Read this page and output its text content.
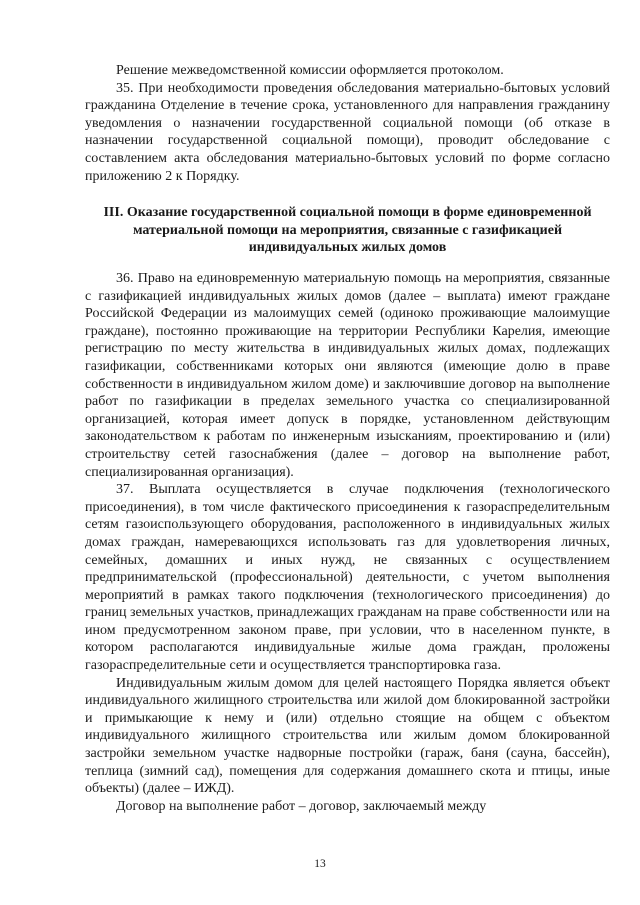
Решение межведомственной комиссии оформляется протоколом.

35. При необходимости проведения обследования материально-бытовых условий гражданина Отделение в течение срока, установленного для направления гражданину уведомления о назначении государственной социальной помощи (об отказе в назначении государственной социальной помощи), проводит обследование с составлением акта обследования материально-бытовых условий по форме согласно приложению 2 к Порядку.

III. Оказание государственной социальной помощи в форме единовременной материальной помощи на мероприятия, связанные с газификацией индивидуальных жилых домов

36. Право на единовременную материальную помощь на мероприятия, связанные с газификацией индивидуальных жилых домов (далее – выплата) имеют граждане Российской Федерации из малоимущих семей (одиноко проживающие малоимущие граждане), постоянно проживающие на территории Республики Карелия, имеющие регистрацию по месту жительства в индивидуальных жилых домах, подлежащих газификации, собственниками которых они являются (имеющие долю в праве собственности в индивидуальном жилом доме) и заключившие договор на выполнение работ по газификации в пределах земельного участка со специализированной организацией, которая имеет допуск в порядке, установленном действующим законодательством к работам по инженерным изысканиям, проектированию и (или) строительству сетей газоснабжения (далее – договор на выполнение работ, специализированная организация).

37. Выплата осуществляется в случае подключения (технологического присоединения), в том числе фактического присоединения к газораспределительным сетям газоиспользующего оборудования, расположенного в индивидуальных жилых домах граждан, намеревающихся использовать газ для удовлетворения личных, семейных, домашних и иных нужд, не связанных с осуществлением предпринимательской (профессиональной) деятельности, с учетом выполнения мероприятий в рамках такого подключения (технологического присоединения) до границ земельных участков, принадлежащих гражданам на праве собственности или на ином предусмотренном законом праве, при условии, что в населенном пункте, в котором располагаются индивидуальные жилые дома граждан, проложены газораспределительные сети и осуществляется транспортировка газа.

Индивидуальным жилым домом для целей настоящего Порядка является объект индивидуального жилищного строительства или жилой дом блокированной застройки и примыкающие к нему и (или) отдельно стоящие на общем с объектом индивидуального жилищного строительства или жилым домом блокированной застройки земельном участке надворные постройки (гараж, баня (сауна, бассейн), теплица (зимний сад), помещения для содержания домашнего скота и птицы, иные объекты) (далее – ИЖД).

Договор на выполнение работ – договор, заключаемый между

13
